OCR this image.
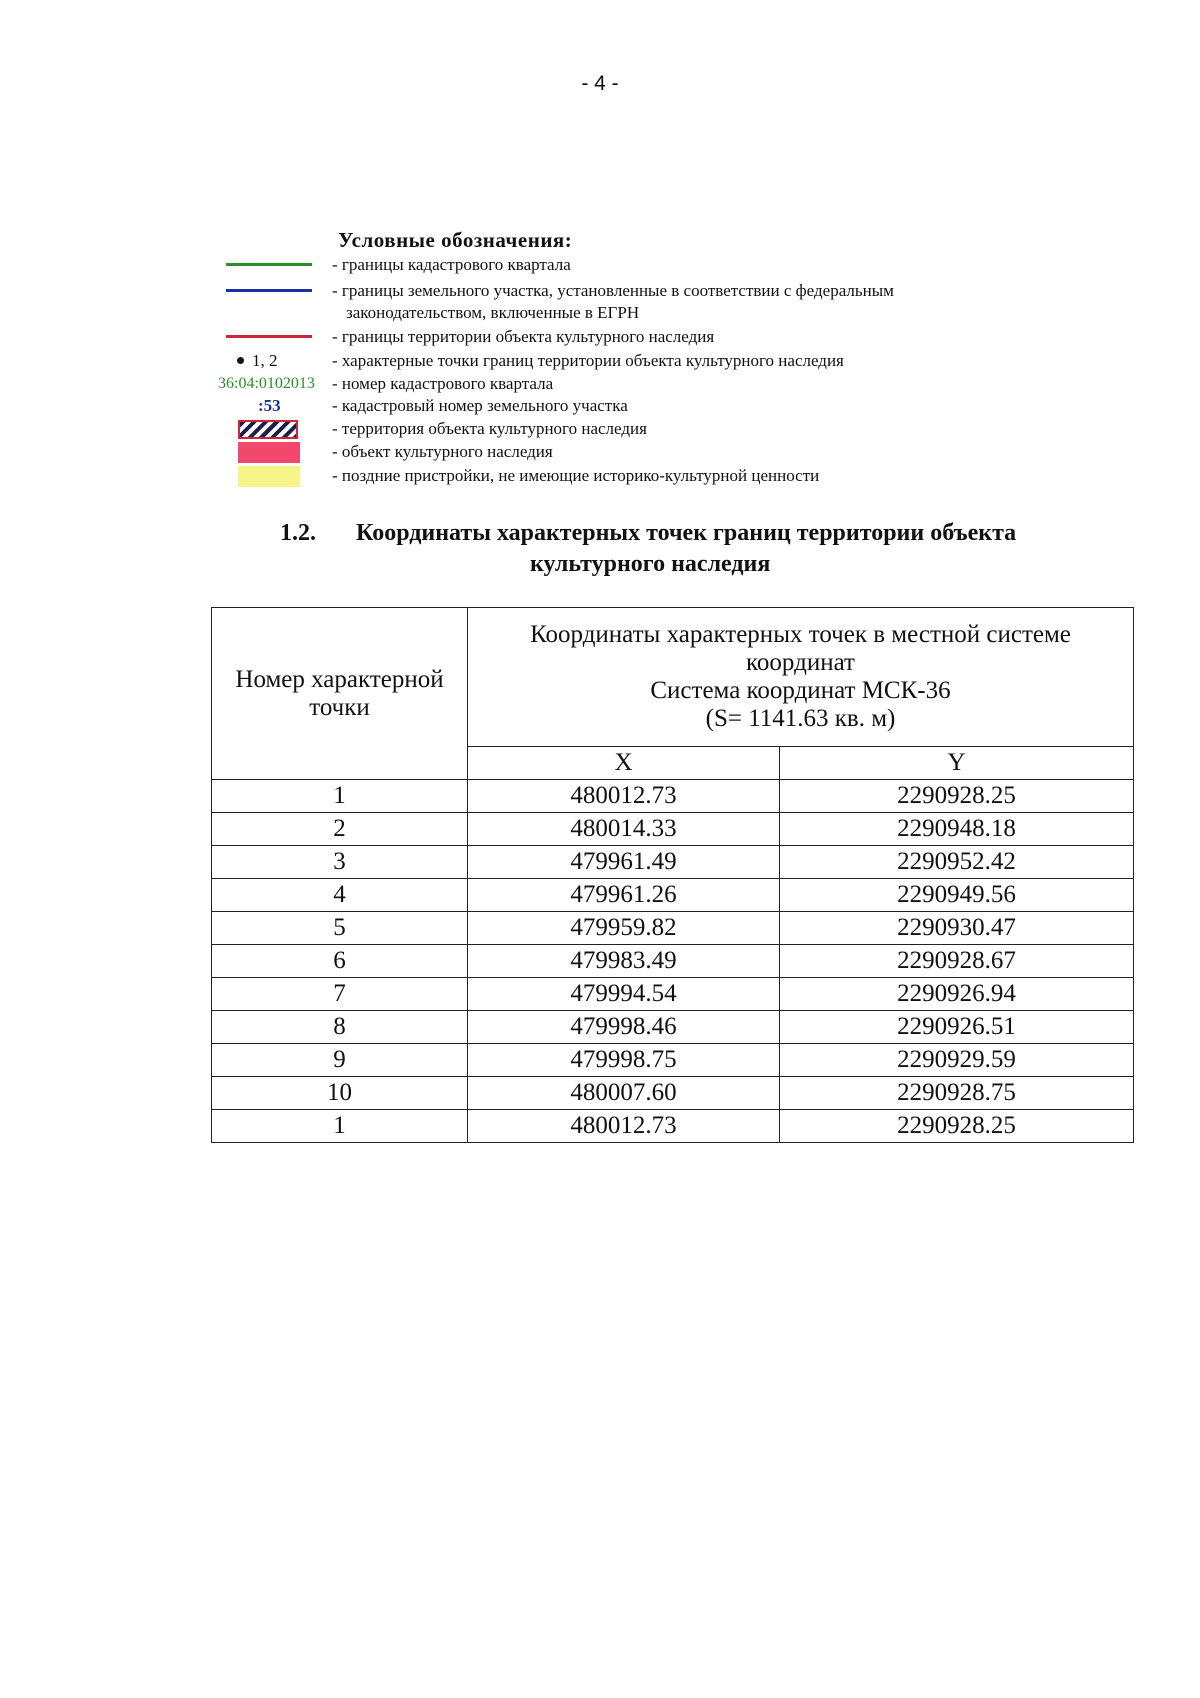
- 4 -
Условные обозначения:
- границы кадастрового квартала
- границы земельного участка, установленные в соответствии с федеральным
законодательством, включенные в ЕГРН
- границы территории объекта культурного наследия
1, 2	- характерные точки границ территории объекта культурного наследия
36:04:0102013 - номер кадастрового квартала
:53	- кадастровый номер земельного участка
- территория объекта культурного наследия
- объект культурного наследия
- поздние пристройки, не имеющие историко-культурной ценности
1.2. Координаты характерных точек границ территории объекта
культурного наследия
Номер характерной точки	Координаты характерных точек в местной системе
координат
Система координат МСК-36
(S= 1141.63 кв. м)	

	X	Y
1	480012.73	2290928.25
2	480014.33	2290948.18
3	479961.49	2290952.42
4	479961.26	2290949.56
5	479959.82	2290930.47
6	479983.49	2290928.67
7	479994.54	2290926.94
8	479998.46	2290926.51
9	479998.75	2290929.59
10	480007.60	2290928.75
1	480012.73	2290928.25
